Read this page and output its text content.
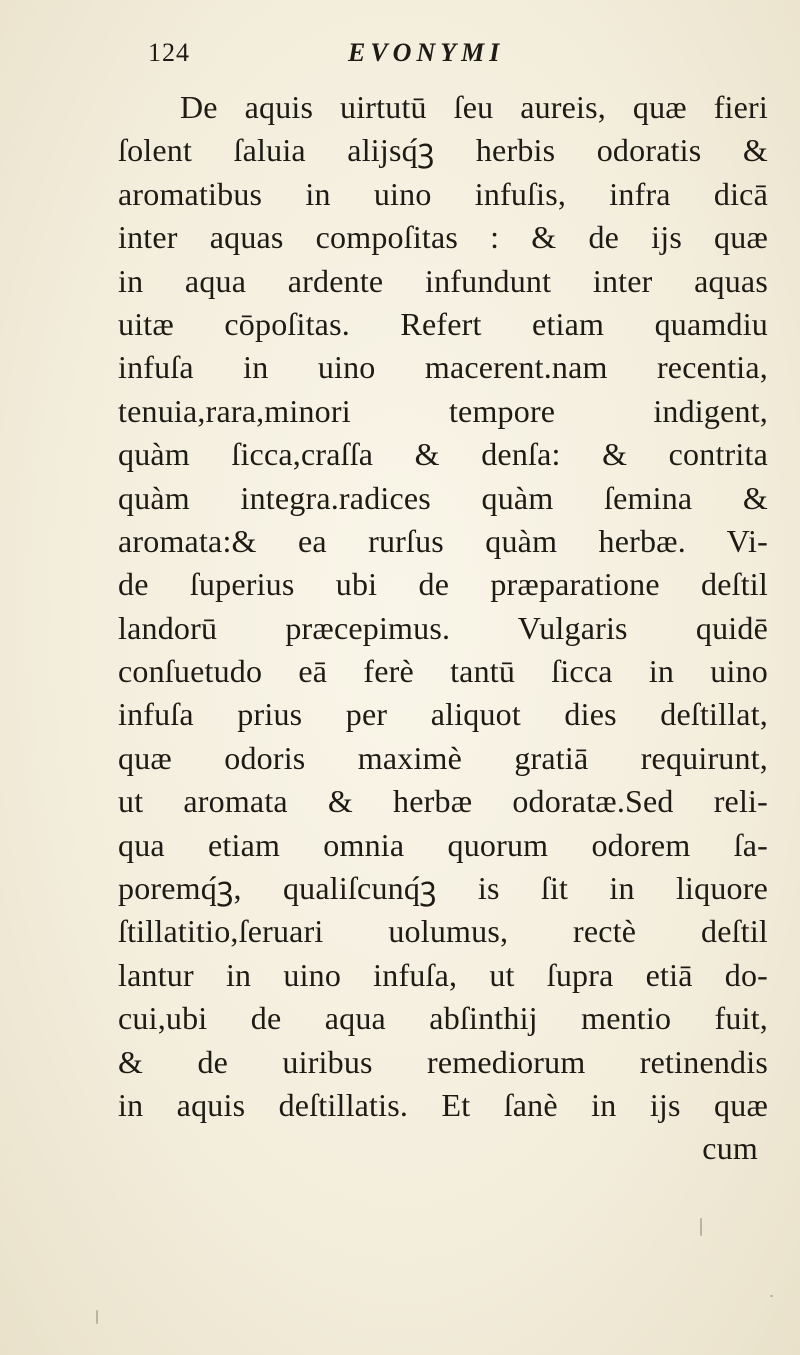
124	EVONYMI
De aquis uirtutū ſeu aureis, quæ fieri
ſolent ſaluia alijsq́ꝫ herbis odoratis &
aromatibus in uino infuſis, infra dicā
inter aquas compoſitas : & de ijs quæ
in aqua ardente infundunt inter aquas
uitæ cōpoſitas. Refert etiam quamdiu
infuſa in uino macerent.nam recentia,
tenuia,rara,minori tempore indigent,
quàm ſicca,craſſa & denſa: & contrita
quàm integra.radices quàm ſemina &
aromata:& ea rurſus quàm herbæ. Vi-
de ſuperius ubi de præparatione deſtil
landorū præcepimus. Vulgaris quidē
conſuetudo eā ferè tantū ſicca in uino
infuſa prius per aliquot dies deſtillat,
quæ odoris maximè gratiā requirunt,
ut aromata & herbæ odoratæ.Sed reli-
qua etiam omnia quorum odorem ſa-
poremq́ꝫ, qualiſcunq́ꝫ is ſit in liquore
ſtillatitio,ſeruari uolumus, rectè deſtil
lantur in uino infuſa, ut ſupra etiā do-
cui,ubi de aqua abſinthij mentio fuit,
& de uiribus remediorum retinendis
in aquis deſtillatis. Et ſanè in ijs quæ
cum
